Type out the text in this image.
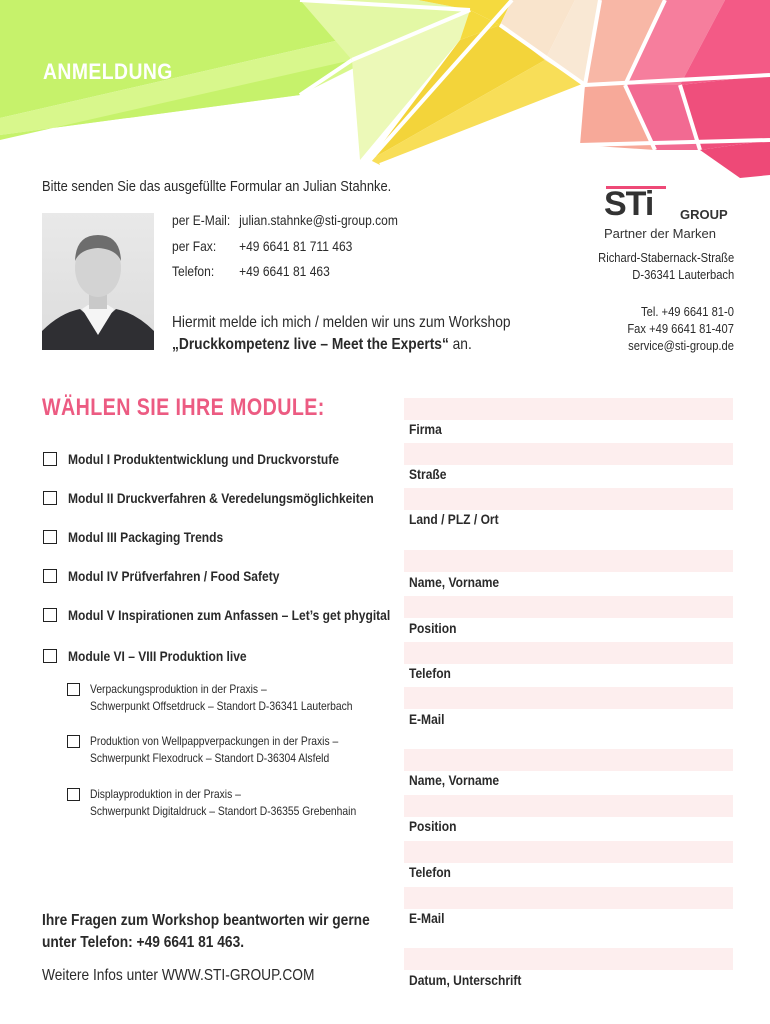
ANMELDUNG
Bitte senden Sie das ausgefüllte Formular an Julian Stahnke.
per E-Mail: julian.stahnke@sti-group.com
per Fax: +49 6641 81 711 463
Telefon: +49 6641 81 463
Hiermit melde ich mich / melden wir uns zum Workshop
„Druckkompetenz live – Meet the Experts“ an.
STi GROUP
Partner der Marken
Richard-Stabernack-Straße
D-36341 Lauterbach
Tel. +49 6641 81-0
Fax +49 6641 81-407
service@sti-group.de
WÄHLEN SIE IHRE MODULE:
Modul I Produktentwicklung und Druckvorstufe
Modul II Druckverfahren & Veredelungsmöglichkeiten
Modul III Packaging Trends
Modul IV Prüfverfahren / Food Safety
Modul V Inspirationen zum Anfassen – Let’s get phygital
Module VI – VIII Produktion live
Verpackungsproduktion in der Praxis –
Schwerpunkt Offsetdruck – Standort D-36341 Lauterbach
Produktion von Wellpappverpackungen in der Praxis –
Schwerpunkt Flexodruck – Standort D-36304 Alsfeld
Displayproduktion in der Praxis –
Schwerpunkt Digitaldruck – Standort D-36355 Grebenhain
Firma
Straße
Land / PLZ / Ort
Name, Vorname
Position
Telefon
E-Mail
Name, Vorname
Position
Telefon
E-Mail
Datum, Unterschrift
Ihre Fragen zum Workshop beantworten wir gerne
unter Telefon: +49 6641 81 463.
Weitere Infos unter WWW.STI-GROUP.COM
